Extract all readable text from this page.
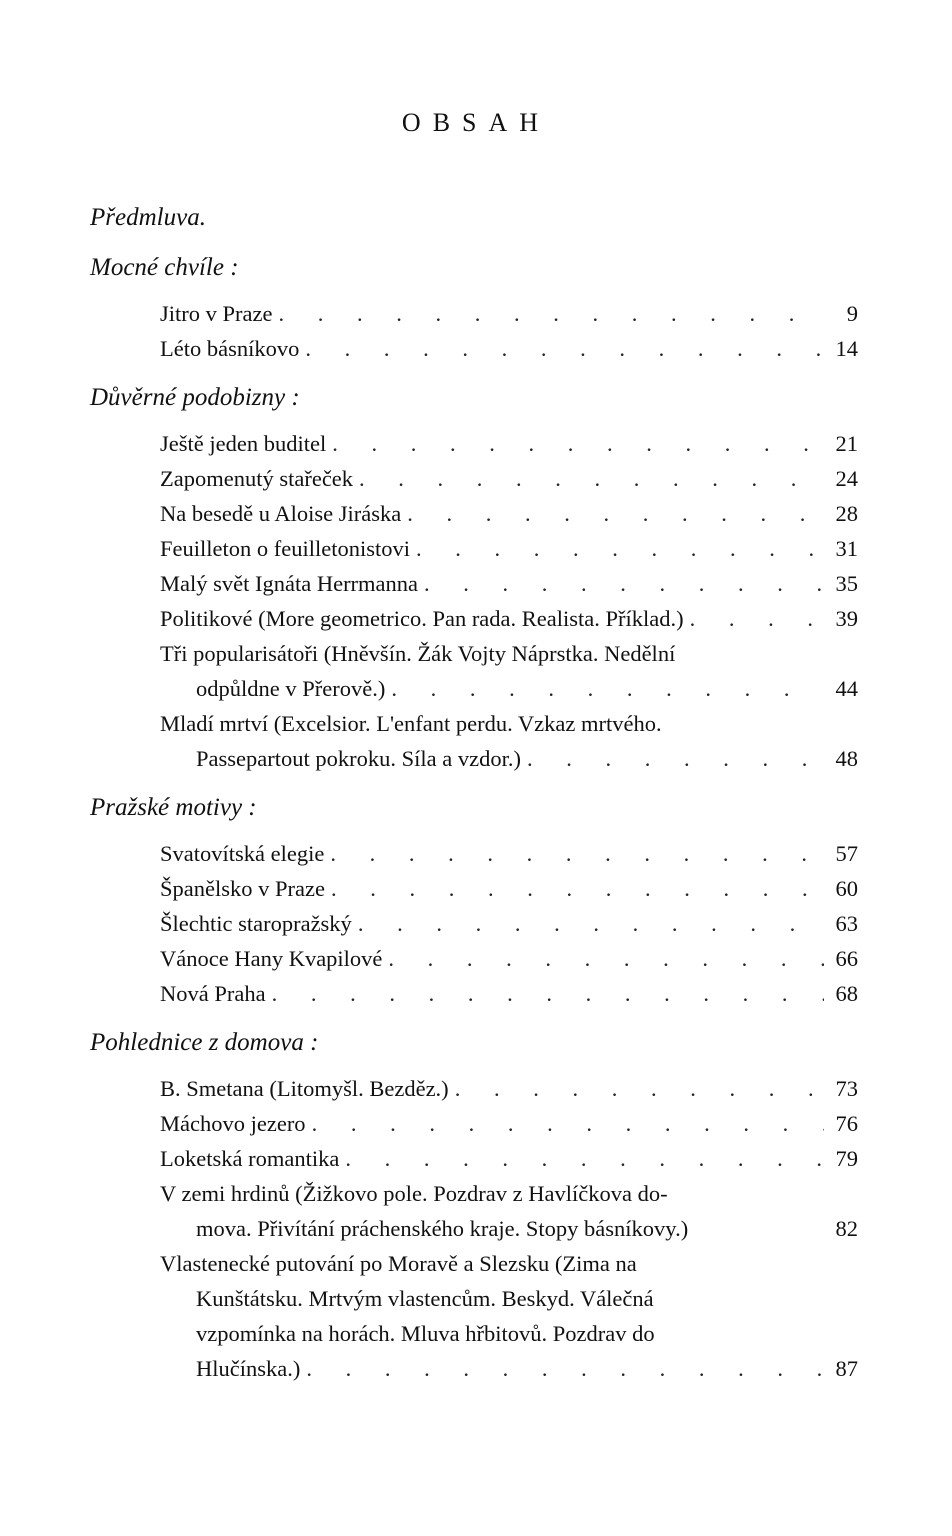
OBSAH
Předmluva.
Mocné chvíle :
Jitro v Praze . . .	9
Léto básníkovo . . .	14
Důvěrné podobizny :
Ještě jeden buditel . . .	21
Zapomenutý stařeček . . .	24
Na besedě u Aloise Jiráska . . .	28
Feuilleton o feuilletonistovi . . .	31
Malý svět Ignáta Herrmanna . . .	35
Politikové (More geometrico. Pan rada. Realista. Příklad.) . . .	39
Tři popularisátoři (Hněvšín. Žák Vojty Náprstka. Nedělní
odpůldne v Přerově.) . . .	44
Mladí mrtví (Excelsior. L'enfant perdu. Vzkaz mrtvého.
Passepartout pokroku. Síla a vzdor.) . . .	48
Pražské motivy :
Svatovítská elegie . . .	57
Španělsko v Praze . . .	60
Šlechtic staropražský . . .	63
Vánoce Hany Kvapilové . . .	66
Nová Praha . . .	68
Pohlednice z domova :
B. Smetana (Litomyšl. Bezděz.) . . .	73
Máchovo jezero . . .	76
Loketská romantika . . .	79
V zemi hrdinů (Žižkovo pole. Pozdrav z Havlíčkova do-
mova. Přivítání práchenského kraje. Stopy básníkovy.)	82
Vlastenecké putování po Moravě a Slezsku (Zima na
Kunštátsku. Mrtvým vlastencům. Beskyd. Válečná
vzpomínka na horách. Mluva hřbitovů. Pozdrav do
Hlučínska.) . . .	87
